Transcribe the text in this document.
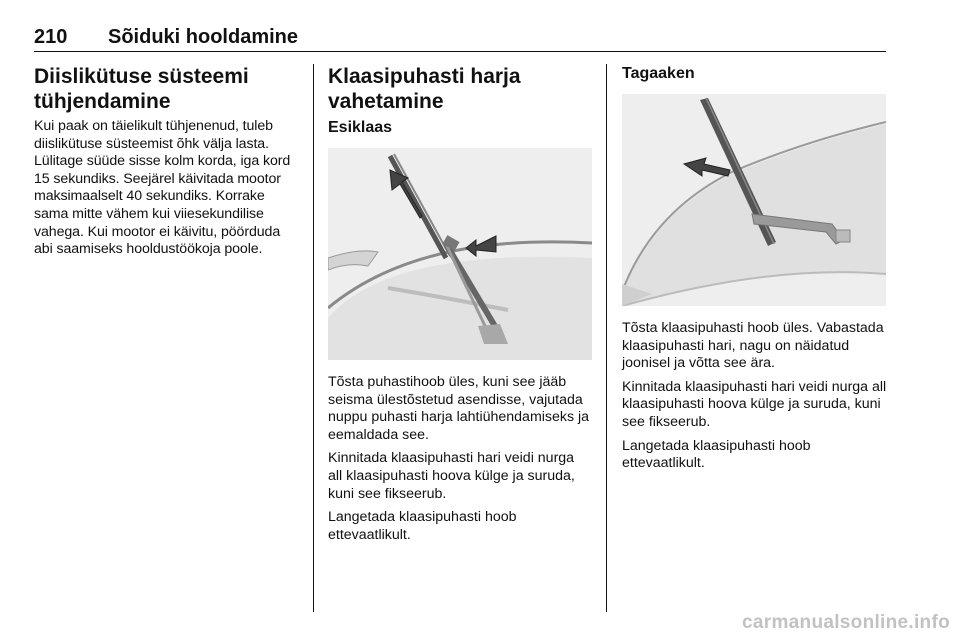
210 Sõiduki hooldamine
Diislikütuse süsteemi tühjendamine

Kui paak on täielikult tühjenenud, tuleb diislikütuse süsteemist õhk välja lasta. Lülitage süüde sisse kolm korda, iga kord 15 sekundiks. Seejärel käivitada mootor maksimaalselt 40 sekundiks. Korrake sama mitte vähem kui viiesekundilise vahega. Kui mootor ei käivitu, pöörduda abi saamiseks hooldustöökoja poole.

Klaasipuhasti harja vahetamine
Esiklaas

Tõsta puhastihoob üles, kuni see jääb seisma ülestõstetud asendisse, vajutada nuppu puhasti harja lahtiühendamiseks ja eemaldada see.

Kinnitada klaasipuhasti hari veidi nurga all klaasipuhasti hoova külge ja suruda, kuni see fikseerub.

Langetada klaasipuhasti hoob ettevaatlikult.

Tagaaken

Tõsta klaasipuhasti hoob üles. Vabastada klaasipuhasti hari, nagu on näidatud joonisel ja võtta see ära.

Kinnitada klaasipuhasti hari veidi nurga all klaasipuhasti hoova külge ja suruda, kuni see fikseerub.

Langetada klaasipuhasti hoob ettevaatlikult.

carmanualsonline.info
